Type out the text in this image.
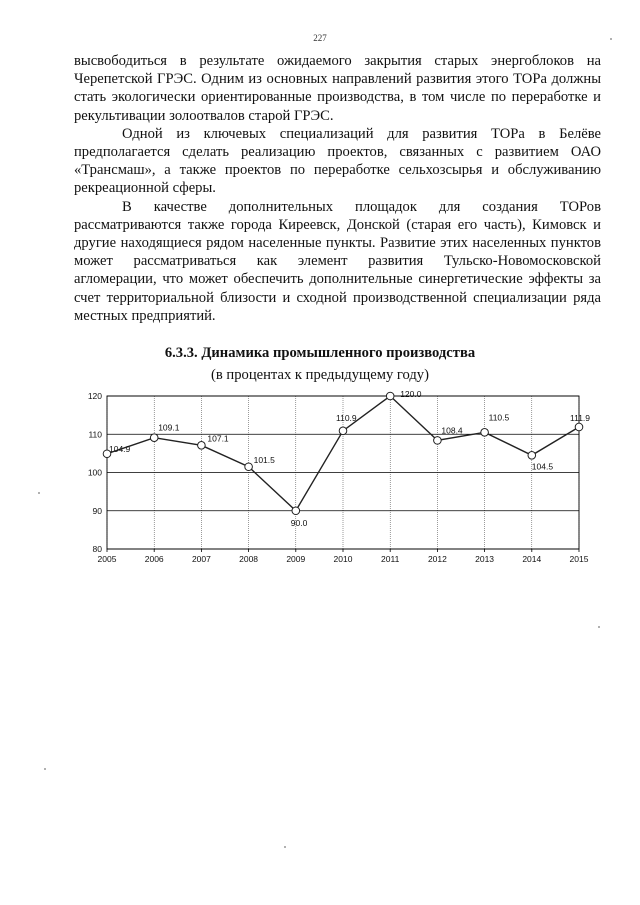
227

высвободиться в результате ожидаемого закрытия старых энергоблоков на Черепетской ГРЭС. Одним из основных направлений развития этого ТОРа должны стать экологически ориентированные производства, в том числе по переработке и рекультивации золоотвалов старой ГРЭС.

Одной из ключевых специализаций для развития ТОРа в Белёве предполагается сделать реализацию проектов, связанных с развитием ОАО «Трансмаш», а также проектов по переработке сельхозсырья и обслуживанию рекреационной сферы.

В качестве дополнительных площадок для создания ТОРов рассматриваются также города Киреевск, Донской (старая его часть), Кимовск и другие находящиеся рядом населенные пункты. Развитие этих населенных пунктов может рассматриваться как элемент развития Тульско-Новомосковской агломерации, что может обеспечить дополнительные синергетические эффекты за счет территориальной близости и сходной производственной специализации ряда местных предприятий.

6.3.3. Динамика промышленного производства
(в процентах к предыдущему году)
80
90
100
110
120
2005	2006	2007	2008	2009	2010	2011	2012	2013	2014	2015
104.9
109.1
107.1
101.5
90.0
110.9
120.0
108.4
110.5
104.5
111.9
